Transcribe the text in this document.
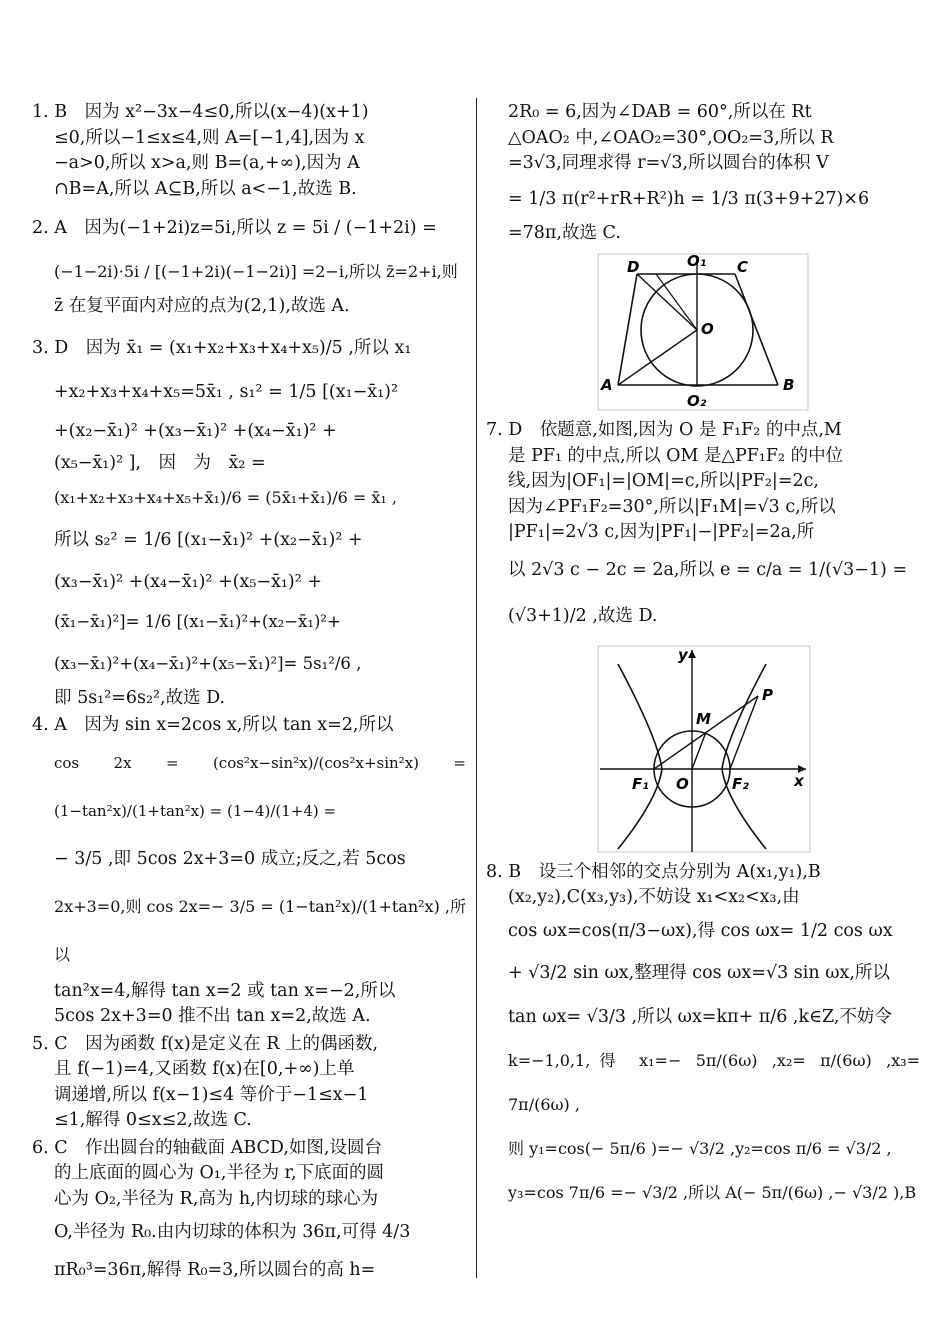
1. B　因为 x²−3x−4≤0,所以(x−4)(x+1)

≤0,所以−1≤x≤4,则 A=[−1,4],因为 x

−a>0,所以 x>a,则 B=(a,+∞),因为 A

∩B=A,所以 A⊆B,所以 a<−1,故选 B.

2. A　因为(−1+2i)z=5i,所以 z = 5i / (−1+2i) =

(−1−2i)·5i / [(−1+2i)(−1−2i)] =2−i,所以 z̄=2+i,则

z̄ 在复平面内对应的点为(2,1),故选 A.

3. D　因为 x̄₁ = (x₁+x₂+x₃+x₄+x₅)/5 ,所以 x₁

+x₂+x₃+x₄+x₅=5x̄₁ , s₁² = 1/5 [(x₁−x̄₁)²

+(x₂−x̄₁)² +(x₃−x̄₁)² +(x₄−x̄₁)² +

(x₅−x̄₁)² ],　因　为　x̄₂ =

(x₁+x₂+x₃+x₄+x₅+x̄₁)/6 = (5x̄₁+x̄₁)/6 = x̄₁ ,

所以 s₂² = 1/6 [(x₁−x̄₁)² +(x₂−x̄₁)² +

(x₃−x̄₁)² +(x₄−x̄₁)² +(x₅−x̄₁)² +

(x̄₁−x̄₁)²]= 1/6 [(x₁−x̄₁)²+(x₂−x̄₁)²+

(x₃−x̄₁)²+(x₄−x̄₁)²+(x₅−x̄₁)²]= 5s₁²/6 ,

即 5s₁²=6s₂²,故选 D.

4. A　因为 sin x=2cos x,所以 tan x=2,所以

cos 2x = (cos²x−sin²x)/(cos²x+sin²x) = (1−tan²x)/(1+tan²x) = (1−4)/(1+4) =

− 3/5 ,即 5cos 2x+3=0 成立;反之,若 5cos

2x+3=0,则 cos 2x=− 3/5 = (1−tan²x)/(1+tan²x) ,所以

tan²x=4,解得 tan x=2 或 tan x=−2,所以

5cos 2x+3=0 推不出 tan x=2,故选 A.

5. C　因为函数 f(x)是定义在 R 上的偶函数,

且 f(−1)=4,又函数 f(x)在[0,+∞)上单

调递增,所以 f(x−1)≤4 等价于−1≤x−1

≤1,解得 0≤x≤2,故选 C.

6. C　作出圆台的轴截面 ABCD,如图,设圆台

的上底面的圆心为 O₁,半径为 r,下底面的圆

心为 O₂,半径为 R,高为 h,内切球的球心为

O,半径为 R₀.由内切球的体积为 36π,可得 4/3

πR₀³=36π,解得 R₀=3,所以圆台的高 h=

2R₀ = 6,因为∠DAB = 60°,所以在 Rt

△OAO₂ 中,∠OAO₂=30°,OO₂=3,所以 R

=3√3,同理求得 r=√3,所以圆台的体积 V

= 1/3 π(r²+rR+R²)h = 1/3 π(3+9+27)×6

=78π,故选 C.

D	O₁ C
O
A
O₂
B

7. D　依题意,如图,因为 O 是 F₁F₂ 的中点,M

是 PF₁ 的中点,所以 OM 是△PF₁F₂ 的中位

线,因为|OF₁|=|OM|=c,所以|PF₂|=2c,

因为∠PF₁F₂=30°,所以|F₁M|=√3 c,所以

|PF₁|=2√3 c,因为|PF₁|−|PF₂|=2a,所

以 2√3 c − 2c = 2a,所以 e = c/a = 1/(√3−1) =

(√3+1)/2 ,故选 D.

y
x
P
M
F₁ O	F₂

8. B　设三个相邻的交点分别为 A(x₁,y₁),B

(x₂,y₂),C(x₃,y₃),不妨设 x₁<x₂<x₃,由

cos ωx=cos(π/3−ωx),得 cos ωx= 1/2 cos ωx

+ √3/2 sin ωx,整理得 cos ωx=√3 sin ωx,所以

tan ωx= √3/3 ,所以 ωx=kπ+ π/6 ,k∈Z,不妨令

k=−1,0,1,得 x₁=− 5π/(6ω) ,x₂= π/(6ω) ,x₃= 7π/(6ω) ,

则 y₁=cos(− 5π/6 )=− √3/2 ,y₂=cos π/6 = √3/2 ,

y₃=cos 7π/6 =− √3/2 ,所以 A(− 5π/(6ω) ,− √3/2 ),B
